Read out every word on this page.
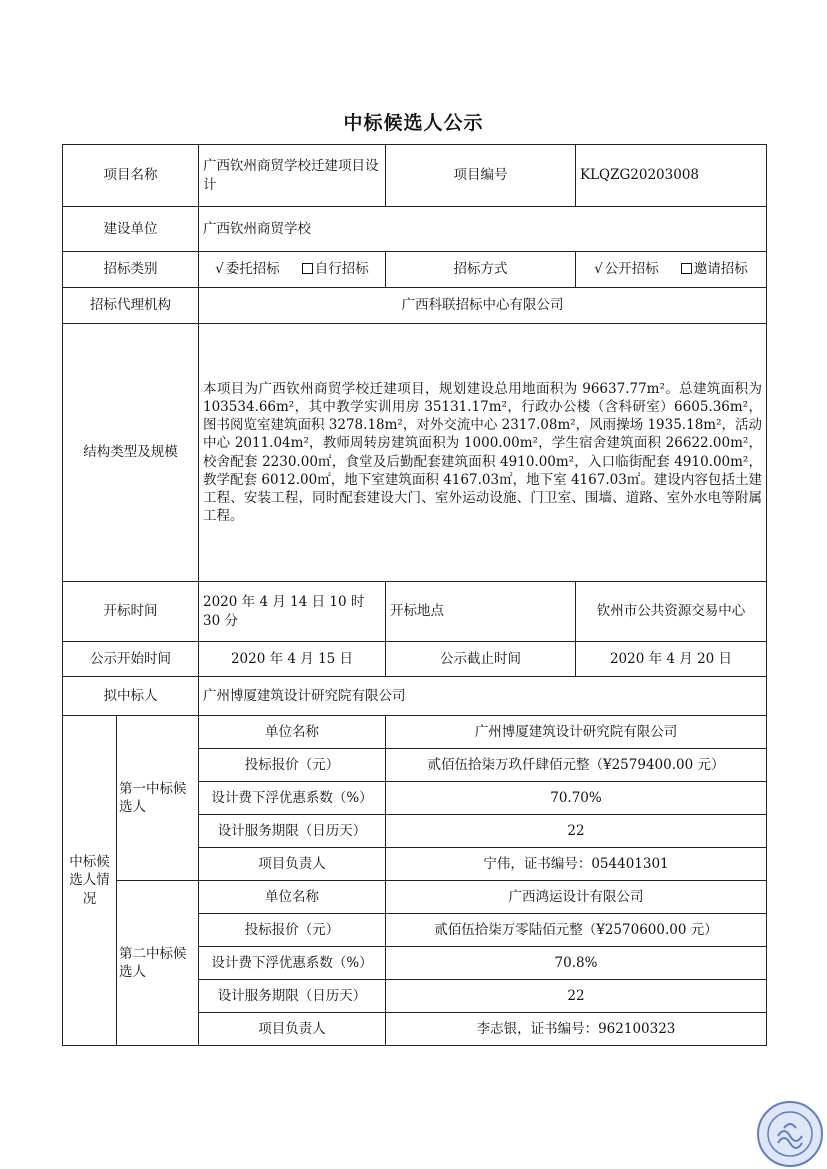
中标候选人公示
项目名称		广西钦州商贸学校迁建项目设计	项目编号	KLQZG20203008
建设单位		广西钦州商贸学校		
招标类别		√ 委托招标 自行招标	招标方式	√ 公开招标 邀请招标
招标代理机构		广西科联招标中心有限公司		
结构类型及规模		本项目为广西钦州商贸学校迁建项目，规划建设总用地面积为 96637.77m²。总建筑面积为 103534.66m²，其中教学实训用房 35131.17m²，行政办公楼（含科研室）6605.36m²，图书阅览室建筑面积 3278.18m²，对外交流中心 2317.08m²，风雨操场 1935.18m²，活动中心 2011.04m²，教师周转房建筑面积为 1000.00m²，学生宿舍建筑面积 26622.00m²，校舍配套 2230.00㎡，食堂及后勤配套建筑面积 4910.00m²，入口临街配套 4910.00m²，教学配套 6012.00㎡，地下室建筑面积 4167.03㎡，地下室 4167.03㎡。建设内容包括土建工程、安装工程，同时配套建设大门、室外运动设施、门卫室、围墙、道路、室外水电等附属工程。		
开标时间		2020 年 4 月 14 日 10 时 30 分	开标地点	钦州市公共资源交易中心
公示开始时间		2020 年 4 月 15 日	公示截止时间	2020 年 4 月 20 日
拟中标人		广州博厦建筑设计研究院有限公司		
中标候选人情况	第一中标候选人	单位名称	广州博厦建筑设计研究院有限公司	
		投标报价（元）	贰佰伍拾柒万玖仟肆佰元整（¥2579400.00 元）	
		设计费下浮优惠系数（%）	70.70%	
		设计服务期限（日历天）	22	
		项目负责人	宁伟，证书编号：054401301	
	第二中标候选人	单位名称	广西鸿运设计有限公司	
		投标报价（元）	贰佰伍拾柒万零陆佰元整（¥2570600.00 元）	
		设计费下浮优惠系数（%）	70.8%	
		设计服务期限（日历天）	22	
		项目负责人	李志银，证书编号：962100323	
